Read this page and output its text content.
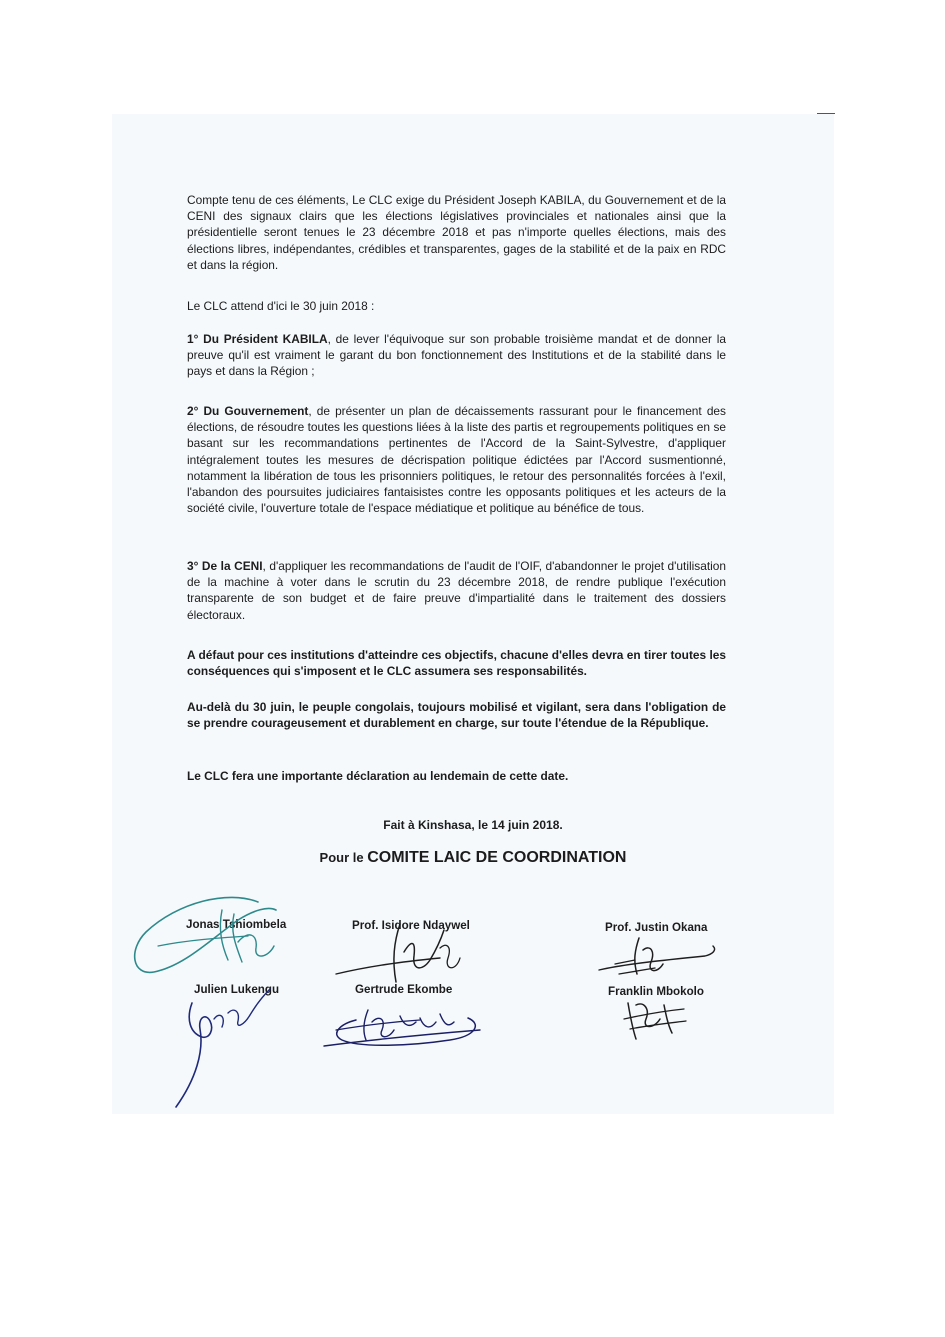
Compte tenu de ces éléments, Le CLC exige du Président Joseph KABILA, du Gouvernement et de la CENI des signaux clairs que les élections législatives provinciales et nationales ainsi que la présidentielle seront tenues le 23 décembre 2018 et pas n'importe quelles élections, mais des élections libres, indépendantes, crédibles et transparentes, gages de la stabilité et de la paix en RDC et dans la région.

Le CLC attend d'ici le 30 juin 2018 :

1° Du Président KABILA, de lever l'équivoque sur son probable troisième mandat et de donner la preuve qu'il est vraiment le garant du bon fonctionnement des Institutions et de la stabilité dans le pays et dans la Région ;

2° Du Gouvernement, de présenter un plan de décaissements rassurant pour le financement des élections, de résoudre toutes les questions liées à la liste des partis et regroupements politiques en se basant sur les recommandations pertinentes de l'Accord de la Saint-Sylvestre, d'appliquer intégralement toutes les mesures de décrispation politique édictées par l'Accord susmentionné, notamment la libération de tous les prisonniers politiques, le retour des personnalités forcées à l'exil, l'abandon des poursuites judiciaires fantaisistes contre les opposants politiques et les acteurs de la société civile, l'ouverture totale de l'espace médiatique et politique au bénéfice de tous.

3° De la CENI, d'appliquer les recommandations de l'audit de l'OIF, d'abandonner le projet d'utilisation de la machine à voter dans le scrutin du 23 décembre 2018, de rendre publique l'exécution transparente de son budget et de faire preuve d'impartialité dans le traitement des dossiers électoraux.

A défaut pour ces institutions d'atteindre ces objectifs, chacune d'elles devra en tirer toutes les conséquences qui s'imposent et le CLC assumera ses responsabilités.

Au-delà du 30 juin, le peuple congolais, toujours mobilisé et vigilant, sera dans l'obligation de se prendre courageusement et durablement en charge, sur toute l'étendue de la République.

Le CLC fera une importante déclaration au lendemain de cette date.

Fait à Kinshasa, le 14 juin 2018.

Pour le COMITE LAIC DE COORDINATION

Jonas Tshiombela	Prof. Isidore Ndaywel	Prof. Justin Okana
Julien Lukengu	Gertrude Ekombe	Franklin Mbokolo
